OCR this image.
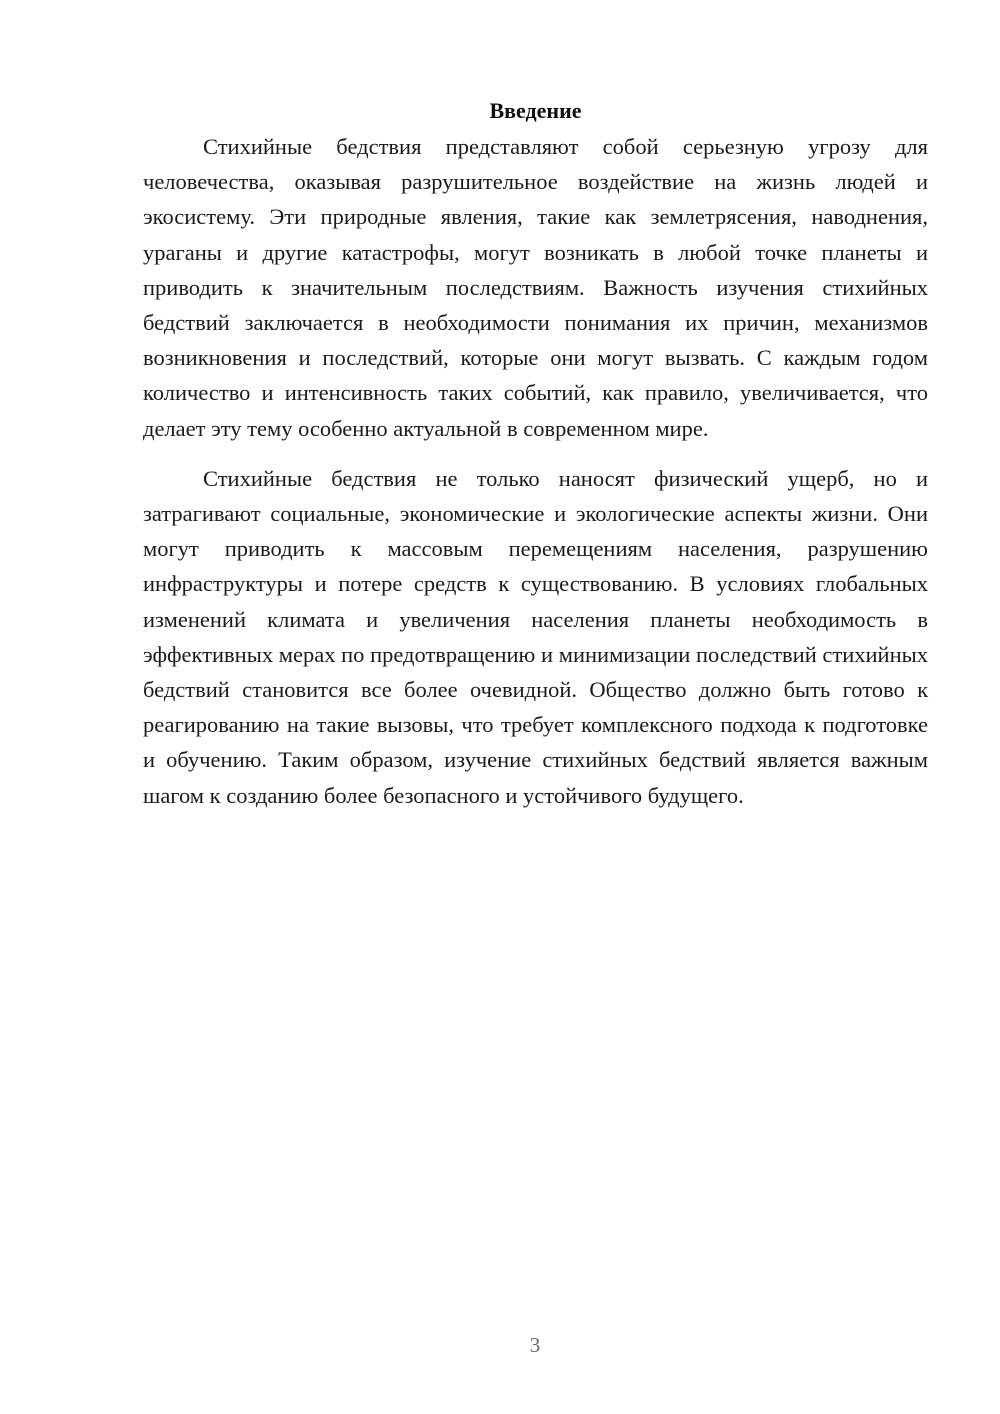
Введение

Стихийные бедствия представляют собой серьезную угрозу для человечества, оказывая разрушительное воздействие на жизнь людей и экосистему. Эти природные явления, такие как землетрясения, наводнения, ураганы и другие катастрофы, могут возникать в любой точке планеты и приводить к значительным последствиям. Важность изучения стихийных бедствий заключается в необходимости понимания их причин, механизмов возникновения и последствий, которые они могут вызвать. С каждым годом количество и интенсивность таких событий, как правило, увеличивается, что делает эту тему особенно актуальной в современном мире.

Стихийные бедствия не только наносят физический ущерб, но и затрагивают социальные, экономические и экологические аспекты жизни. Они могут приводить к массовым перемещениям населения, разрушению инфраструктуры и потере средств к существованию. В условиях глобальных изменений климата и увеличения населения планеты необходимость в эффективных мерах по предотвращению и минимизации последствий стихийных бедствий становится все более очевидной. Общество должно быть готово к реагированию на такие вызовы, что требует комплексного подхода к подготовке и обучению. Таким образом, изучение стихийных бедствий является важным шагом к созданию более безопасного и устойчивого будущего.

3
